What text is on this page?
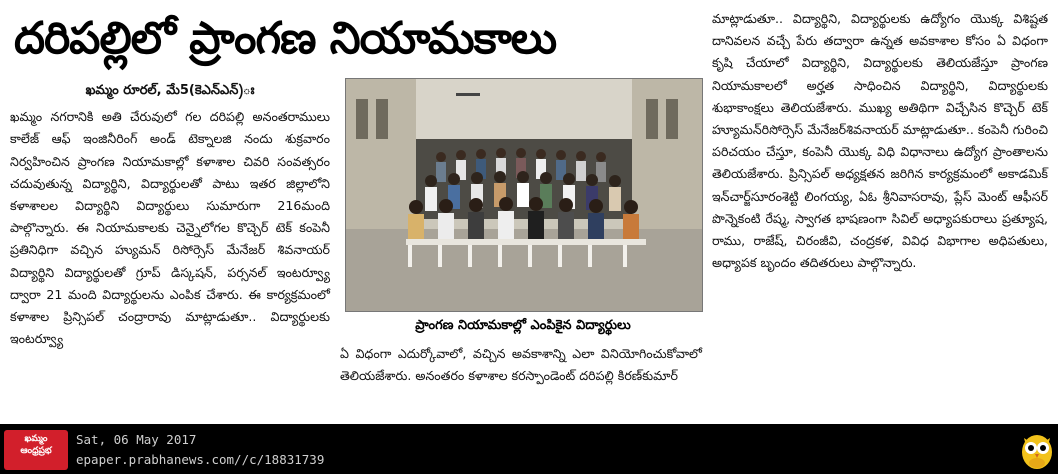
దరిపల్లిలో ప్రాంగణ నియామకాలు
ఖమ్మం రూరల్‌, మే5(కెఎన్‌ఎన్‌)ః

ఖమ్మం నగరానికి అతి చేరువులో గల దరిపల్లి అనంతరాములు కాలేజ్‌ ఆఫ్‌ ఇంజినీరింగ్‌ అండ్‌ టెక్నాలజి నందు శుక్రవారం నిర్వహించిన ప్రాంగణ నియామకాల్లో కళాశాల చివరి సంవత్సరం చదువుతున్న విద్యార్థిని, విద్యార్థులతో పాటు ఇతర జిల్లాలోని కళాశాలల విద్యార్థిని విద్యార్థులు సుమారుగా 216మంది పాల్గొన్నారు. ఈ నియామకాలకు చెన్నైలోగల కొచ్చెర్‌ టెక్‌ కంపెనీ ప్రతినిధిగా వచ్చిన హ్యుమన్‌ రిసోర్సెస్‌ మేనేజర్‌ శివనాయర్‌ విద్యార్థిని విద్యార్థులతో గ్రూప్‌ డిస్కషన్‌, పర్సనల్‌ ఇంటర్వ్యూ ద్వారా 21 మంది విద్యార్థులను ఎంపిక చేశారు. ఈ కార్యక్రమంలో కళాశాల ప్రిన్సిపల్‌ చంద్రారావు మాట్లాడుతూ.. విద్యార్థులకు ఇంటర్వ్యూ

ప్రాంగణ నియామకాల్లో ఎంపికైన విద్యార్థులు

ఏ విధంగా ఎదుర్కోవాలో, వచ్చిన అవకాశాన్ని ఎలా వినియోగించుకోవాలో తెలియజేశారు. అనంతరం కళాశాల కరస్పాండెంట్‌ దరిపల్లి కిరణ్‌కుమార్‌

మాట్లాడుతూ.. విద్యార్థిని, విద్యార్థులకు ఉద్యోగం యొక్క విశిష్టత దానివలన వచ్చే పేరు తద్వారా ఉన్నత అవకాశాల కోసం ఏ విధంగా కృషి చేయాలో విద్యార్థిని, విద్యార్థులకు తెలియజేస్తూ ప్రాంగణ నియామకాలలో అర్హత సాధించిన విద్యార్థిని, విద్యార్థులకు శుభాకాంక్షలు తెలియజేశారు. ముఖ్య అతిథిగా విచ్చేసిన కొచ్చెర్‌ టెక్‌ హ్యూమన్‌రిసోర్సెస్‌ మేనేజర్‌శివనాయర్‌ మాట్లాడుతూ.. కంపెనీ గురించి పరిచయం చేస్తూ, కంపెనీ యొక్క విధి విధానాలు ఉద్యోగ ప్రాంతాలను తెలియజేశారు. ప్రిన్సిపల్‌ అధ్యక్షతన జరిగిన కార్యక్రమంలో అకాడమిక్‌ ఇన్‌చార్జ్‌సూరంశెట్టి లింగయ్య, ఏఓ శ్రీనివాసరావు, ప్లేస్‌ మెంట్‌ ఆఫీసర్‌ పొన్నెకంటి రేష్మ, స్వాగత భాషణంగా సివిల్‌ అధ్యాపకురాలు ప్రత్యూష, రాము, రాజేష్‌, చిరంజీవి, చంద్రకళ, వివిధ విభాగాల అధిపతులు, అధ్యాపక బృందం తదితరులు పాల్గొన్నారు.

ఖమ్మం
ఆంధ్రప్రభ
Sat, 06 May 2017
epaper.prabhanews.com//c/18831739
